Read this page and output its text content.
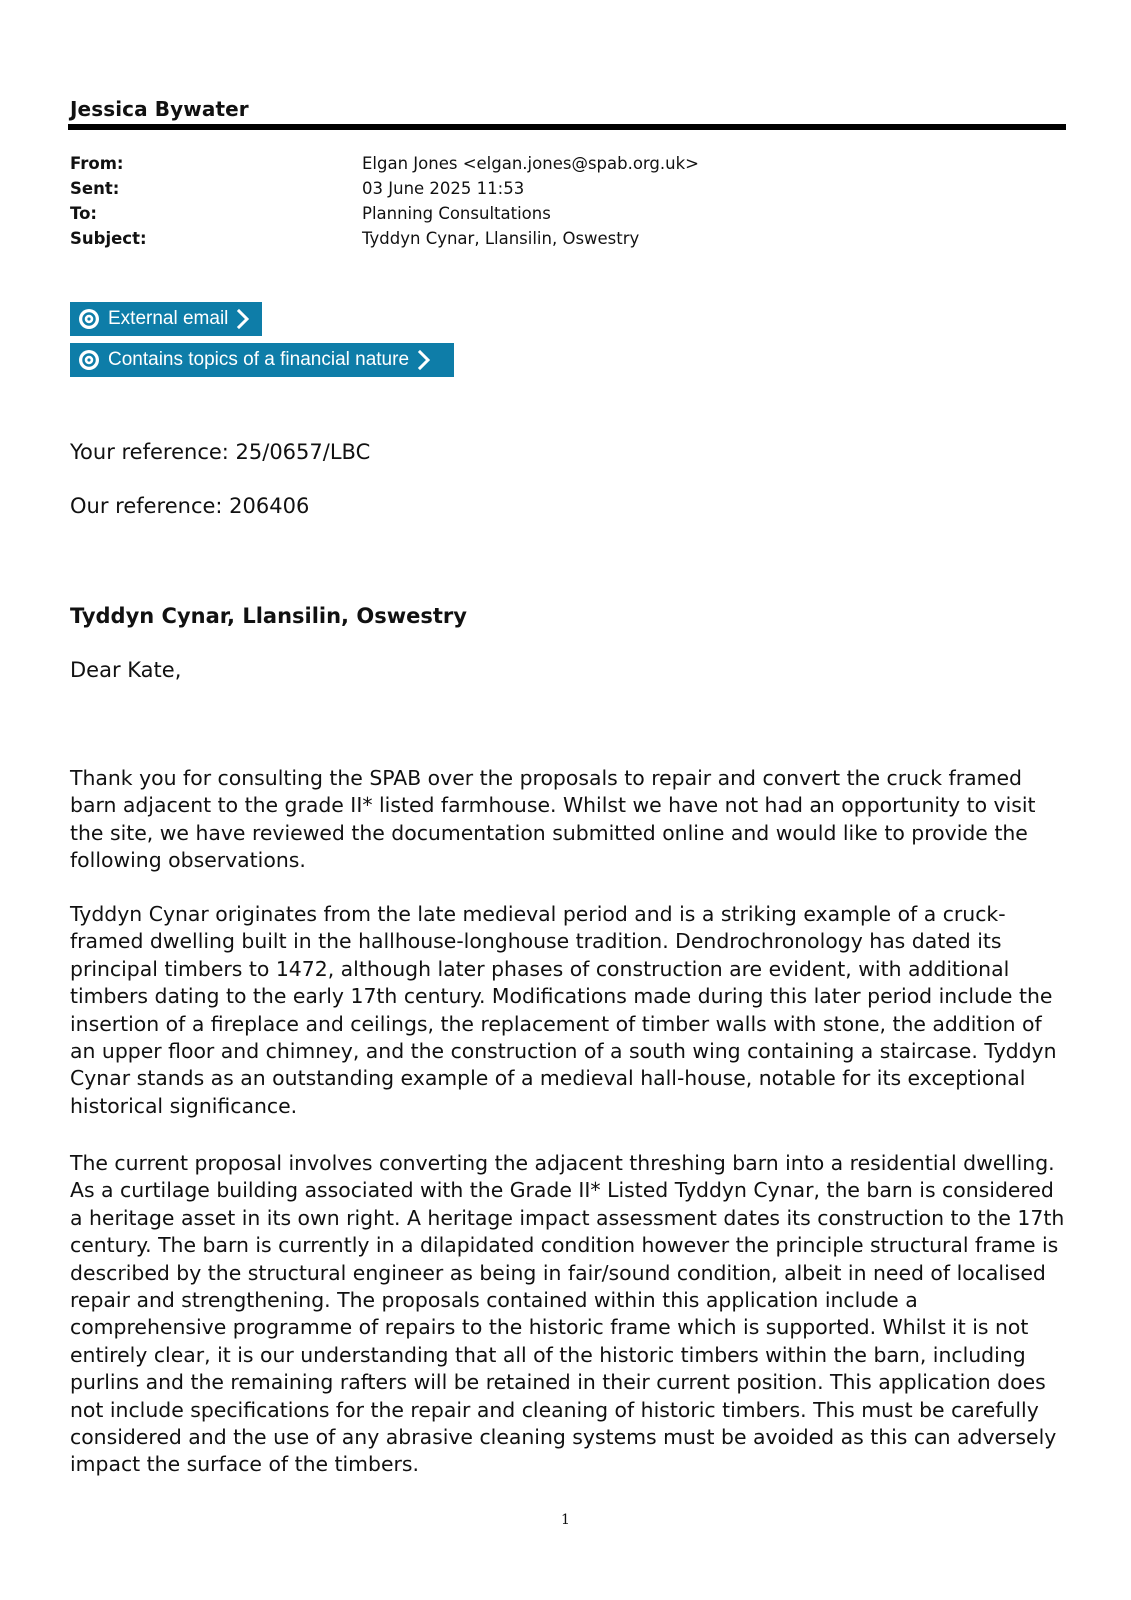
Jessica Bywater
From:	Elgan Jones <elgan.jones@spab.org.uk>
Sent:	03 June 2025 11:53
To:	Planning Consultations
Subject:	Tyddyn Cynar, Llansilin, Oswestry
External email
Contains topics of a financial nature
Your reference: 25/0657/LBC
Our reference: 206406
Tyddyn Cynar, Llansilin, Oswestry
Dear Kate,

Thank you for consulting the SPAB over the proposals to repair and convert the cruck framed barn adjacent to the grade II* listed farmhouse. Whilst we have not had an opportunity to visit the site, we have reviewed the documentation submitted online and would like to provide the following observations.

Tyddyn Cynar originates from the late medieval period and is a striking example of a cruck-framed dwelling built in the hallhouse-longhouse tradition. Dendrochronology has dated its principal timbers to 1472, although later phases of construction are evident, with additional timbers dating to the early 17th century. Modifications made during this later period include the insertion of a fireplace and ceilings, the replacement of timber walls with stone, the addition of an upper floor and chimney, and the construction of a south wing containing a staircase. Tyddyn Cynar stands as an outstanding example of a medieval hall-house, notable for its exceptional historical significance.

The current proposal involves converting the adjacent threshing barn into a residential dwelling. As a curtilage building associated with the Grade II* Listed Tyddyn Cynar, the barn is considered a heritage asset in its own right. A heritage impact assessment dates its construction to the 17th century. The barn is currently in a dilapidated condition however the principle structural frame is described by the structural engineer as being in fair/sound condition, albeit in need of localised repair and strengthening. The proposals contained within this application include a comprehensive programme of repairs to the historic frame which is supported. Whilst it is not entirely clear, it is our understanding that all of the historic timbers within the barn, including purlins and the remaining rafters will be retained in their current position. This application does not include specifications for the repair and cleaning of historic timbers. This must be carefully considered and the use of any abrasive cleaning systems must be avoided as this can adversely impact the surface of the timbers.

1
